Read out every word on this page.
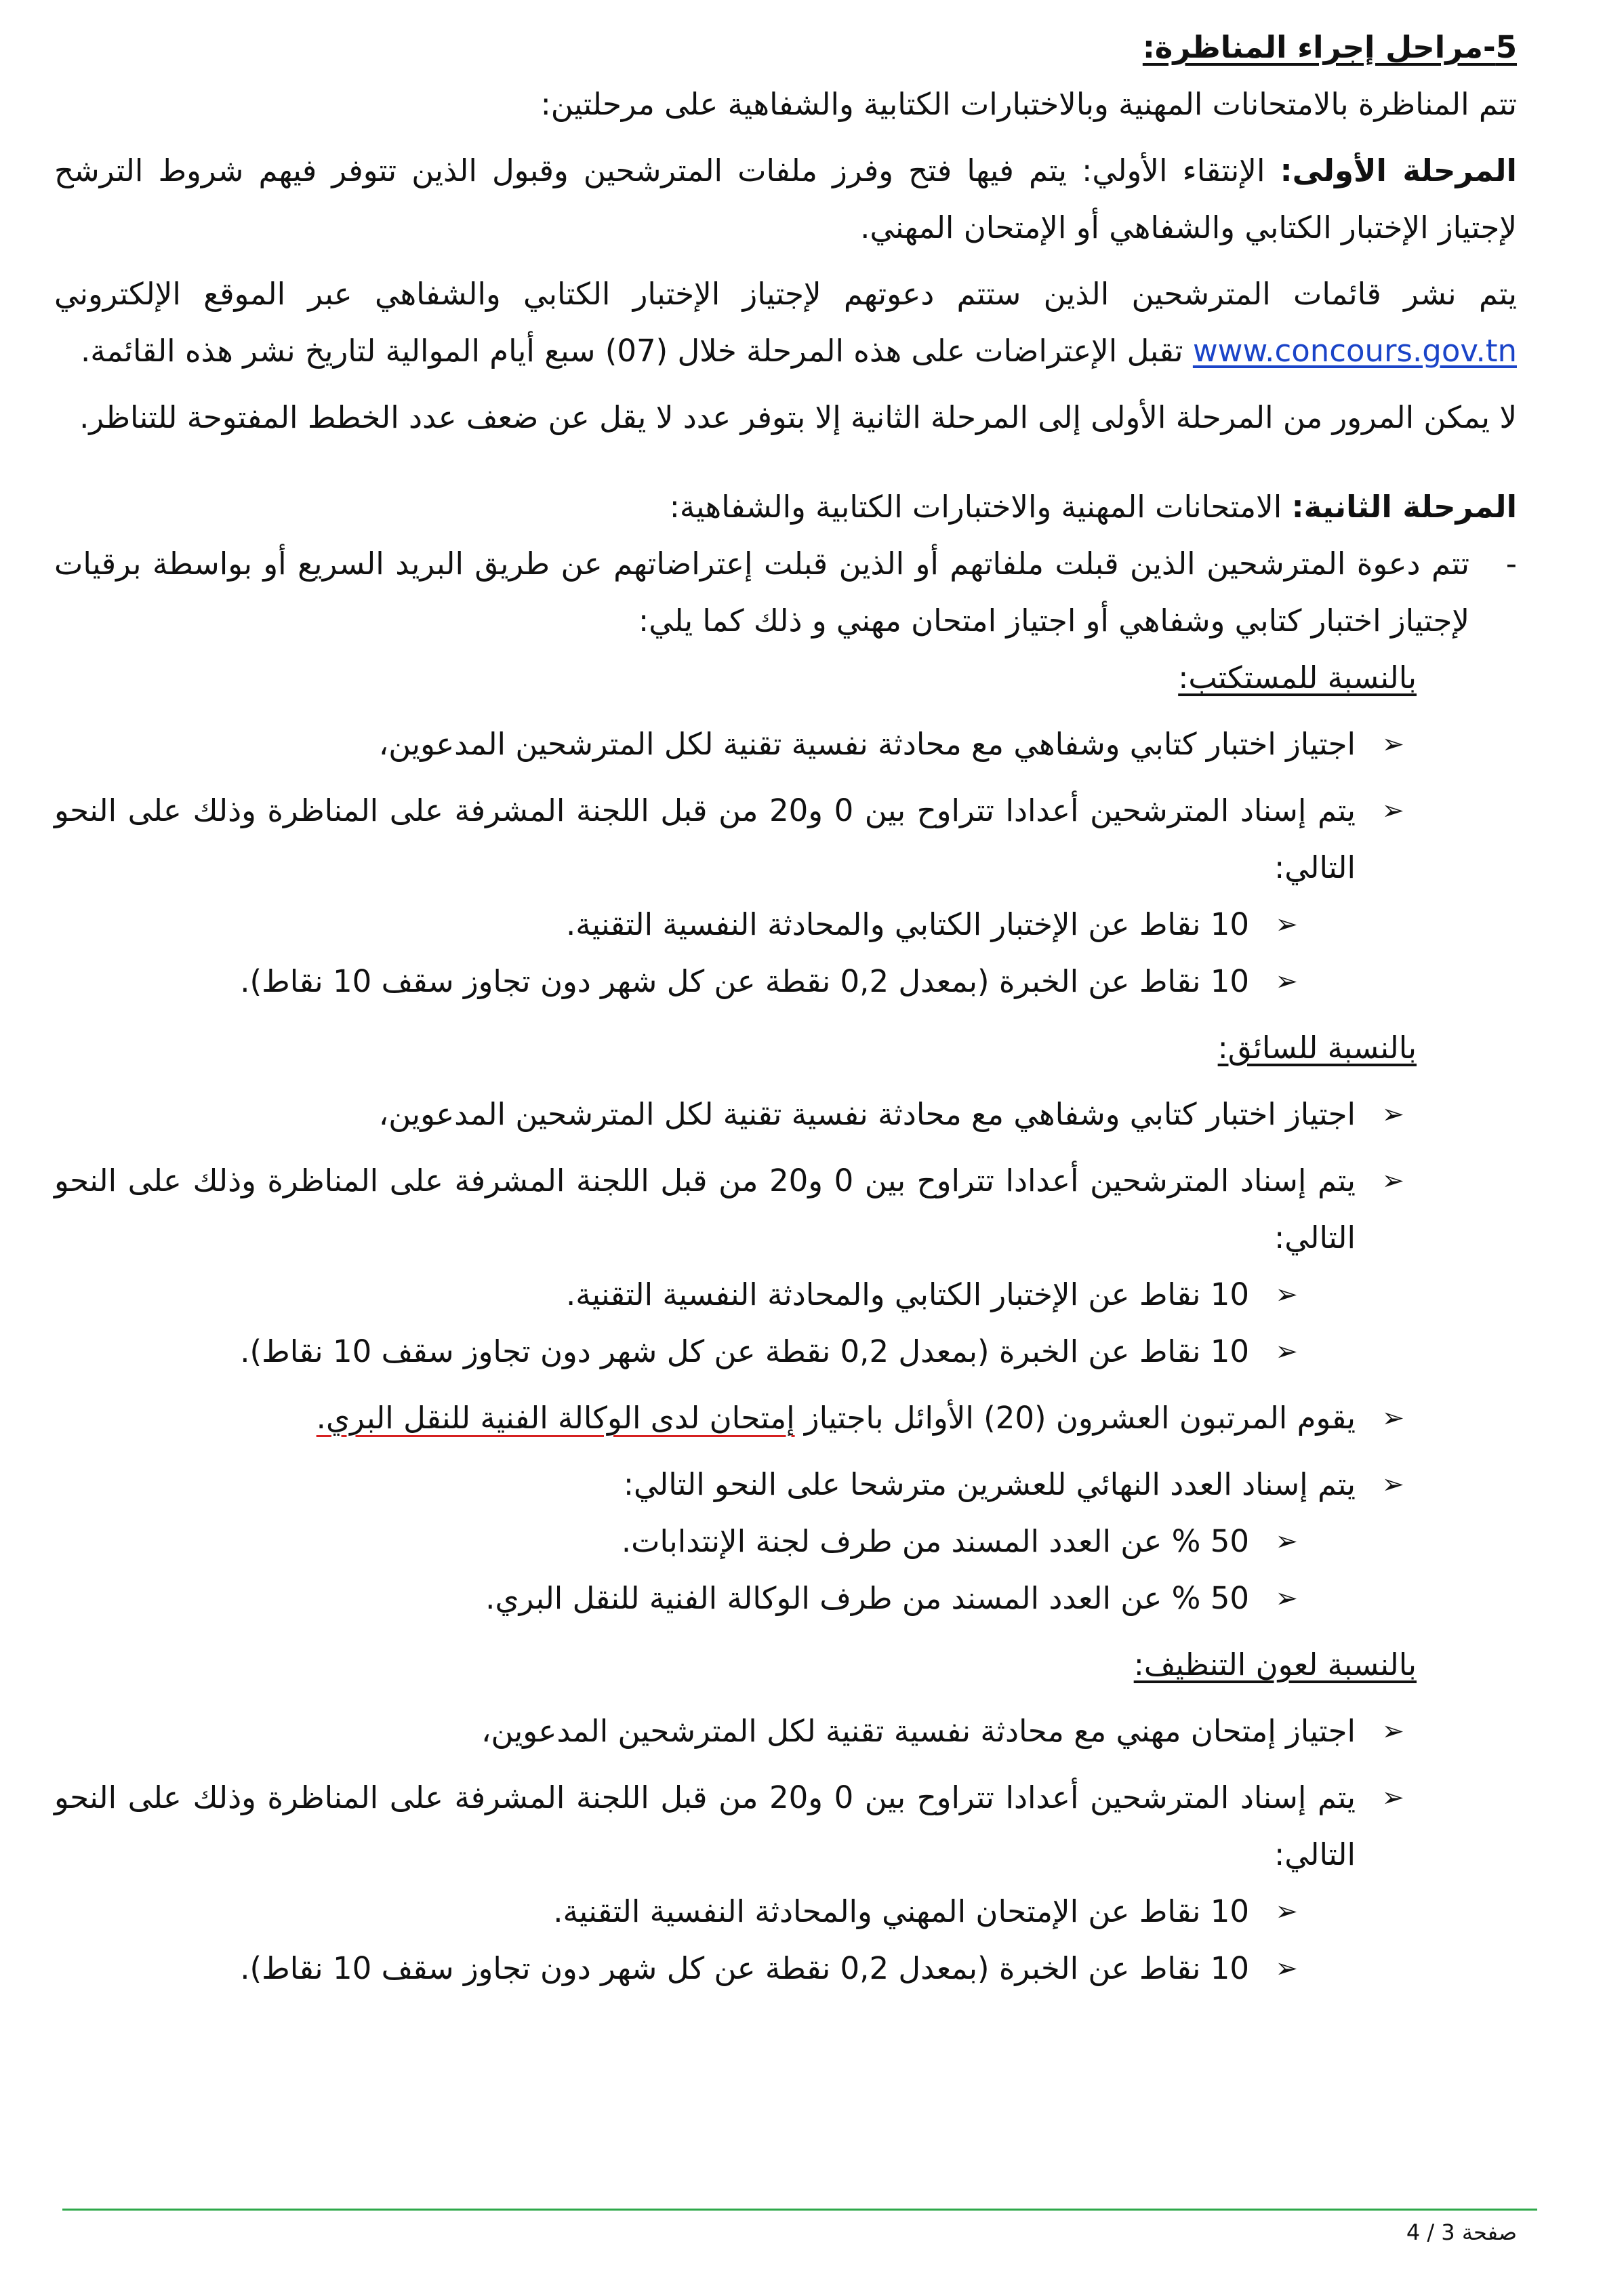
5-مراحل إجراء المناظرة:
تتم المناظرة بالامتحانات المهنية وبالاختبارات الكتابية والشفاهية على مرحلتين:
المرحلة الأولى: الإنتقاء الأولي: يتم فيها فتح وفرز ملفات المترشحين وقبول الذين تتوفر فيهم شروط الترشح لإجتياز الإختبار الكتابي والشفاهي أو الإمتحان المهني.
يتم نشر قائمات المترشحين الذين ستتم دعوتهم لإجتياز الإختبار الكتابي والشفاهي عبر الموقع الإلكتروني www.concours.gov.tn تقبل الإعتراضات على هذه المرحلة خلال (07) سبع أيام الموالية لتاريخ نشر هذه القائمة.
لا يمكن المرور من المرحلة الأولى إلى المرحلة الثانية إلا بتوفر عدد لا يقل عن ضعف عدد الخطط المفتوحة للتناظر.
المرحلة الثانية: الامتحانات المهنية والاختبارات الكتابية والشفاهية:
-
تتم دعوة المترشحين الذين قبلت ملفاتهم أو الذين قبلت إعتراضاتهم عن طريق البريد السريع أو بواسطة برقيات لإجتياز اختبار كتابي وشفاهي أو اجتياز امتحان مهني و ذلك كما يلي:
بالنسبة للمستكتب:
➢
اجتياز اختبار كتابي وشفاهي مع محادثة نفسية تقنية لكل المترشحين المدعوين،
➢
يتم إسناد المترشحين أعدادا تتراوح بين 0 و20 من قبل اللجنة المشرفة على المناظرة وذلك على النحو التالي:
➢
10 نقاط عن الإختبار الكتابي والمحادثة النفسية التقنية.
➢
10 نقاط عن الخبرة (بمعدل 0,2 نقطة عن كل شهر دون تجاوز سقف 10 نقاط).
بالنسبة للسائق:
➢
اجتياز اختبار كتابي وشفاهي مع محادثة نفسية تقنية لكل المترشحين المدعوين،
➢
يتم إسناد المترشحين أعدادا تتراوح بين 0 و20 من قبل اللجنة المشرفة على المناظرة وذلك على النحو التالي:
➢
10 نقاط عن الإختبار الكتابي والمحادثة النفسية التقنية.
➢
10 نقاط عن الخبرة (بمعدل 0,2 نقطة عن كل شهر دون تجاوز سقف 10 نقاط).
➢
يقوم المرتبون العشرون (20) الأوائل باجتياز إمتحان لدى الوكالة الفنية للنقل البري.
➢
يتم إسناد العدد النهائي للعشرين مترشحا على النحو التالي:
➢
50 % عن العدد المسند من طرف لجنة الإنتدابات.
➢
50 % عن العدد المسند من طرف الوكالة الفنية للنقل البري.
بالنسبة لعون التنظيف:
➢
اجتياز إمتحان مهني مع محادثة نفسية تقنية لكل المترشحين المدعوين،
➢
يتم إسناد المترشحين أعدادا تتراوح بين 0 و20 من قبل اللجنة المشرفة على المناظرة وذلك على النحو التالي:
➢
10 نقاط عن الإمتحان المهني والمحادثة النفسية التقنية.
➢
10 نقاط عن الخبرة (بمعدل 0,2 نقطة عن كل شهر دون تجاوز سقف 10 نقاط).
صفحة 3 / 4
